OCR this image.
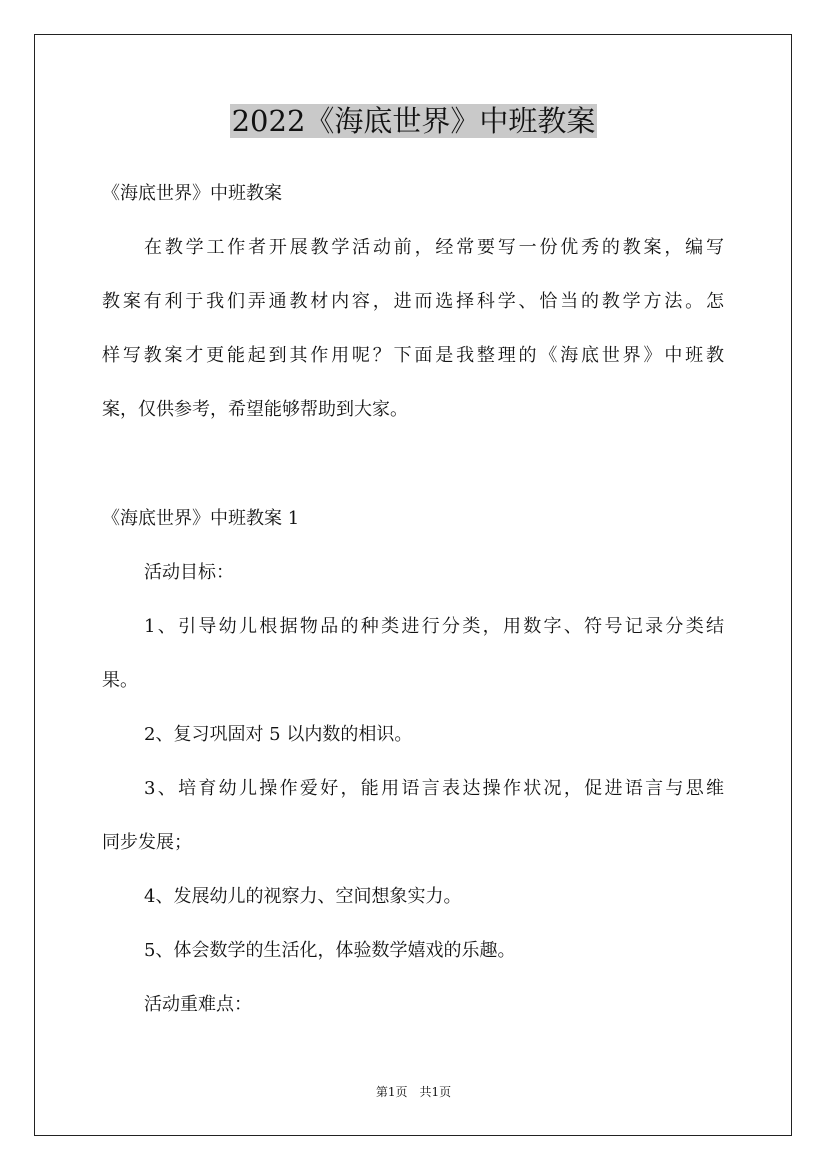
2022《海底世界》中班教案
《海底世界》中班教案
在教学工作者开展教学活动前，经常要写一份优秀的教案，编写
教案有利于我们弄通教材内容，进而选择科学、恰当的教学方法。怎
样写教案才更能起到其作用呢？下面是我整理的《海底世界》中班教
案，仅供参考，希望能够帮助到大家。
《海底世界》中班教案 1
活动目标：
1、引导幼儿根据物品的种类进行分类，用数字、符号记录分类结
果。
2、复习巩固对 5 以内数的相识。
3、培育幼儿操作爱好，能用语言表达操作状况，促进语言与思维
同步发展；
4、发展幼儿的视察力、空间想象实力。
5、体会数学的生活化，体验数学嬉戏的乐趣。
活动重难点：
第1页　共1页
